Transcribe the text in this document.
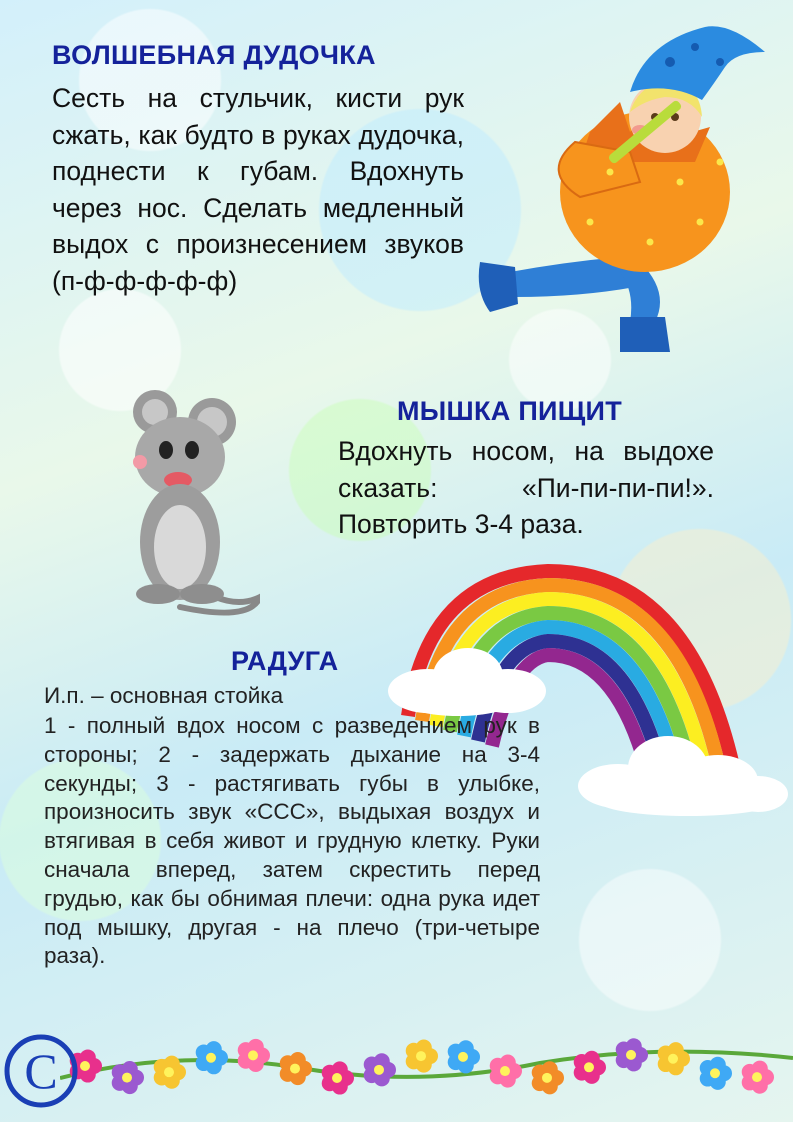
ВОЛШЕБНАЯ ДУДОЧКА

Сесть на стульчик, кисти рук сжать, как будто в руках дудочка, поднести к губам. Вдохнуть через нос. Сделать медленный выдох с произнесением звуков (п-ф-ф-ф-ф-ф)

МЫШКА ПИЩИТ

Вдохнуть носом, на выдохе сказать: «Пи-пи-пи-пи!». Повторить 3-4 раза.

РАДУГА

И.п. – основная стойка

1 - полный вдох носом с разведением рук в стороны; 2 - задержать дыхание на 3-4 секунды; 3 - растягивать губы в улыбке, произносить звук «ССС», выдыхая воздух и втягивая в себя живот и грудную клетку. Руки сначала вперед, затем скрестить перед грудью, как бы обнимая плечи: одна рука идет под мышку, другая - на плечо (три-четыре раза).

С
